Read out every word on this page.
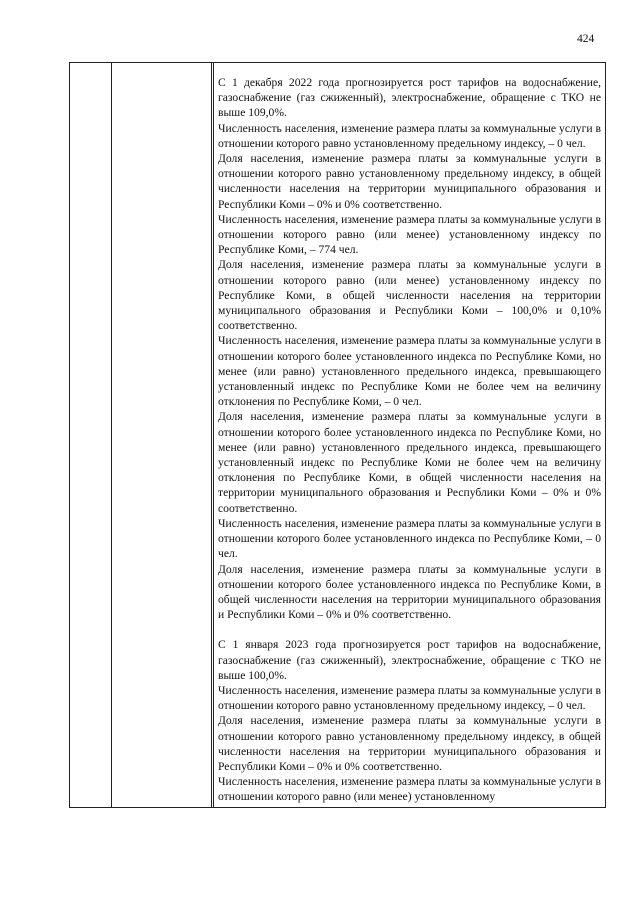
424

С 1 декабря 2022 года прогнозируется рост тарифов на водоснабжение, газоснабжение (газ сжиженный), электроснабжение, обращение с ТКО не выше 109,0%.

Численность населения, изменение размера платы за коммунальные услуги в отношении которого равно установленному предельному индексу, – 0 чел.

Доля населения, изменение размера платы за коммунальные услуги в отношении которого равно установленному предельному индексу, в общей численности населения на территории муниципального образования и Республики Коми – 0% и 0% соответственно.

Численность населения, изменение размера платы за коммунальные услуги в отношении которого равно (или менее) установленному индексу по Республике Коми, – 774 чел.

Доля населения, изменение размера платы за коммунальные услуги в отношении которого равно (или менее) установленному индексу по Республике Коми, в общей численности населения на территории муниципального образования и Республики Коми – 100,0% и 0,10% соответственно.

Численность населения, изменение размера платы за коммунальные услуги в отношении которого более установленного индекса по Республике Коми, но менее (или равно) установленного предельного индекса, превышающего установленный индекс по Республике Коми не более чем на величину отклонения по Республике Коми, – 0 чел.

Доля населения, изменение размера платы за коммунальные услуги в отношении которого более установленного индекса по Республике Коми, но менее (или равно) установленного предельного индекса, превышающего установленный индекс по Республике Коми не более чем на величину отклонения по Республике Коми, в общей численности населения на территории муниципального образования и Республики Коми – 0% и 0% соответственно.

Численность населения, изменение размера платы за коммунальные услуги в отношении которого более установленного индекса по Республике Коми, – 0 чел.

Доля населения, изменение размера платы за коммунальные услуги в отношении которого более установленного индекса по Республике Коми, в общей численности населения на территории муниципального образования и Республики Коми – 0% и 0% соответственно.

С 1 января 2023 года прогнозируется рост тарифов на водоснабжение, газоснабжение (газ сжиженный), электроснабжение, обращение с ТКО не выше 100,0%.

Численность населения, изменение размера платы за коммунальные услуги в отношении которого равно установленному предельному индексу, – 0 чел.

Доля населения, изменение размера платы за коммунальные услуги в отношении которого равно установленному предельному индексу, в общей численности населения на территории муниципального образования и Республики Коми – 0% и 0% соответственно.

Численность населения, изменение размера платы за коммунальные услуги в отношении которого равно (или менее) установленному
